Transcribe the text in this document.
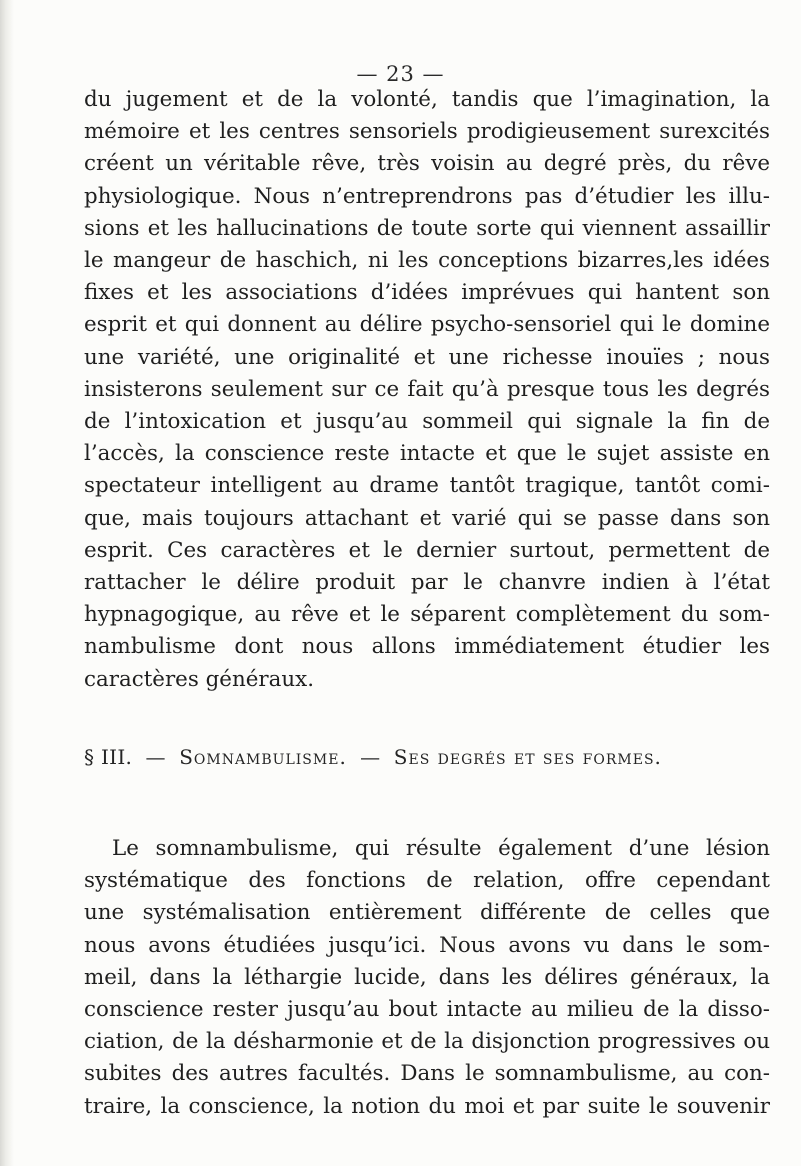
— 23 —
du jugement et de la volonté, tandis que l’imagination, la
mémoire et les centres sensoriels prodigieusement surexcités
créent un véritable rêve, très voisin au degré près, du rêve
physiologique. Nous n’entreprendrons pas d’étudier les illu-
sions et les hallucinations de toute sorte qui viennent assaillir
le mangeur de haschich, ni les conceptions bizarres,les idées
fixes et les associations d’idées imprévues qui hantent son
esprit et qui donnent au délire psycho-sensoriel qui le domine
une variété, une originalité et une richesse inouïes ; nous
insisterons seulement sur ce fait qu’à presque tous les degrés
de l’intoxication et jusqu’au sommeil qui signale la fin de
l’accès, la conscience reste intacte et que le sujet assiste en
spectateur intelligent au drame tantôt tragique, tantôt comi-
que, mais toujours attachant et varié qui se passe dans son
esprit. Ces caractères et le dernier surtout, permettent de
rattacher le délire produit par le chanvre indien à l’état
hypnagogique, au rêve et le séparent complètement du som-
nambulisme dont nous allons immédiatement étudier les
caractères généraux.
§ III. — Somnambulisme. — Ses degrés et ses formes.
Le somnambulisme, qui résulte également d’une lésion
systématique des fonctions de relation, offre cependant
une systémalisation entièrement différente de celles que
nous avons étudiées jusqu’ici. Nous avons vu dans le som-
meil, dans la léthargie lucide, dans les délires généraux, la
conscience rester jusqu’au bout intacte au milieu de la disso-
ciation, de la désharmonie et de la disjonction progressives ou
subites des autres facultés. Dans le somnambulisme, au con-
traire, la conscience, la notion du moi et par suite le souvenir
